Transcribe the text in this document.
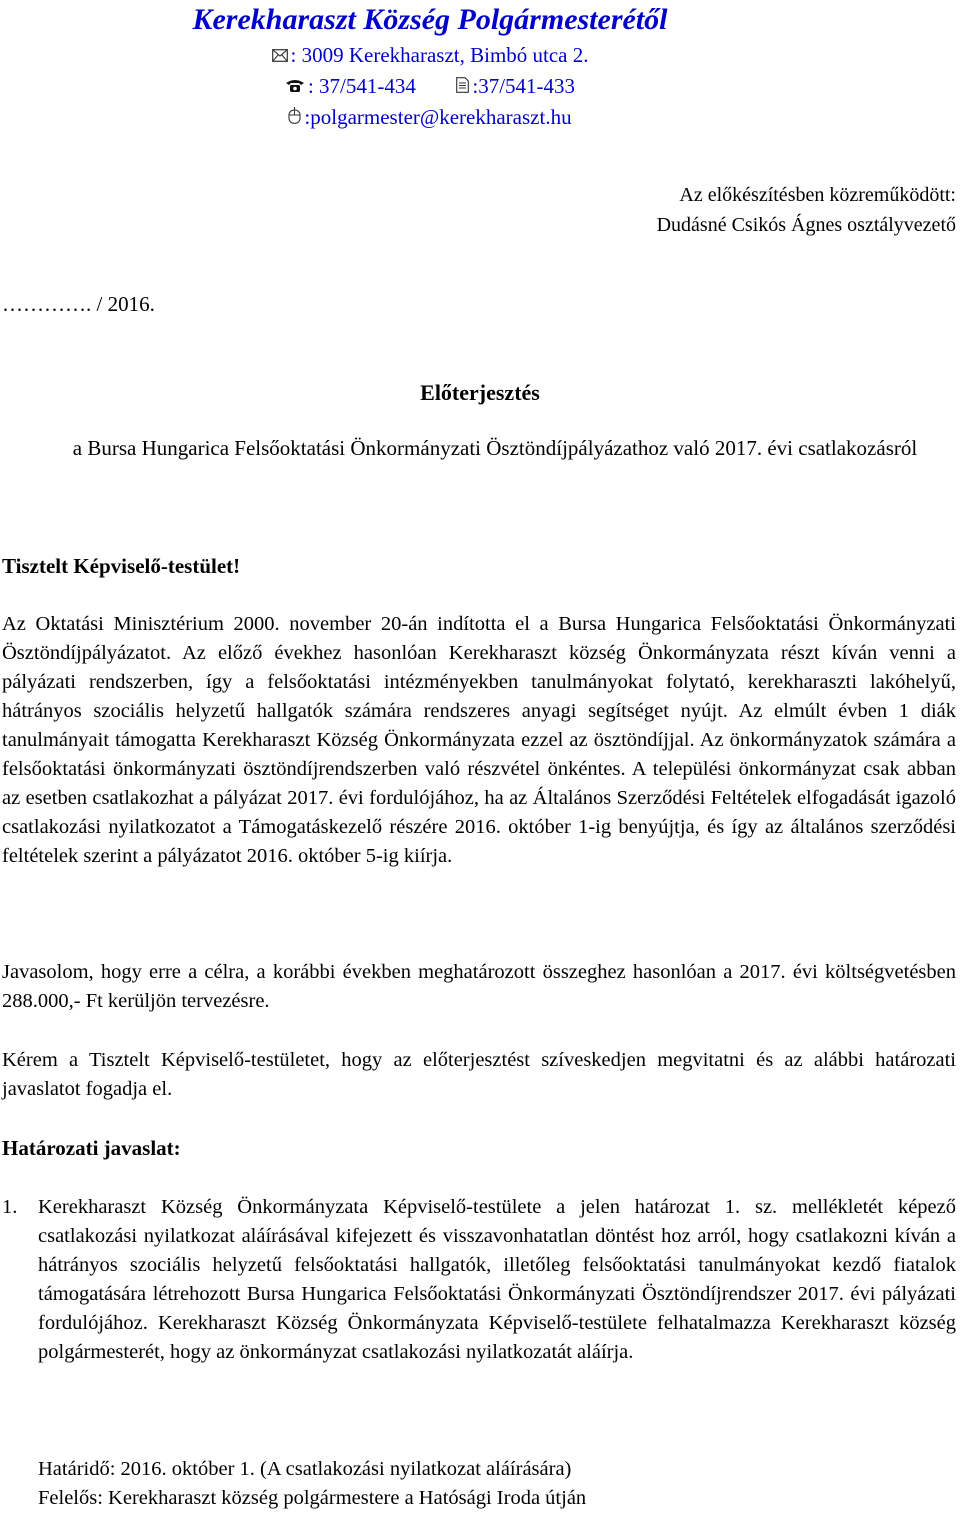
Kerekharaszt Község Polgármesterétől
: 3009 Kerekharaszt, Bimbó utca 2.
: 37/541-434	:37/541-433
:polgarmester@kerekharaszt.hu
Az előkészítésben közreműködött:
Dudásné Csikós Ágnes osztályvezető
…………. / 2016.
Előterjesztés
a Bursa Hungarica Felsőoktatási Önkormányzati Ösztöndíjpályázathoz való 2017. évi csatlakozásról
Tisztelt Képviselő-testület!
Az Oktatási Minisztérium 2000. november 20-án indította el a Bursa Hungarica Felsőoktatási Önkormányzati Ösztöndíjpályázatot. Az előző évekhez hasonlóan Kerekharaszt község Önkormányzata részt kíván venni a pályázati rendszerben, így a felsőoktatási intézményekben tanulmányokat folytató, kerekharaszti lakóhelyű, hátrányos szociális helyzetű hallgatók számára rendszeres anyagi segítséget nyújt. Az elmúlt évben 1 diák tanulmányait támogatta Kerekharaszt Község Önkormányzata ezzel az ösztöndíjjal. Az önkormányzatok számára a felsőoktatási önkormányzati ösztöndíjrendszerben való részvétel önkéntes. A települési önkormányzat csak abban az esetben csatlakozhat a pályázat 2017. évi fordulójához, ha az Általános Szerződési Feltételek elfogadását igazoló csatlakozási nyilatkozatot a Támogatáskezelő részére 2016. október 1-ig benyújtja, és így az általános szerződési feltételek szerint a pályázatot 2016. október 5-ig kiírja.
Javasolom, hogy erre a célra, a korábbi években meghatározott összeghez hasonlóan a 2017. évi költségvetésben 288.000,- Ft kerüljön tervezésre.
Kérem a Tisztelt Képviselő-testületet, hogy az előterjesztést szíveskedjen megvitatni és az alábbi határozati javaslatot fogadja el.
Határozati javaslat:
1. Kerekharaszt Község Önkormányzata Képviselő-testülete a jelen határozat 1. sz. mellékletét képező csatlakozási nyilatkozat aláírásával kifejezett és visszavonhatatlan döntést hoz arról, hogy csatlakozni kíván a hátrányos szociális helyzetű felsőoktatási hallgatók, illetőleg felsőoktatási tanulmányokat kezdő fiatalok támogatására létrehozott Bursa Hungarica Felsőoktatási Önkormányzati Ösztöndíjrendszer 2017. évi pályázati fordulójához. Kerekharaszt Község Önkormányzata Képviselő-testülete felhatalmazza Kerekharaszt község polgármesterét, hogy az önkormányzat csatlakozási nyilatkozatát aláírja.
Határidő: 2016. október 1. (A csatlakozási nyilatkozat aláírására)
Felelős: Kerekharaszt község polgármestere a Hatósági Iroda útján
